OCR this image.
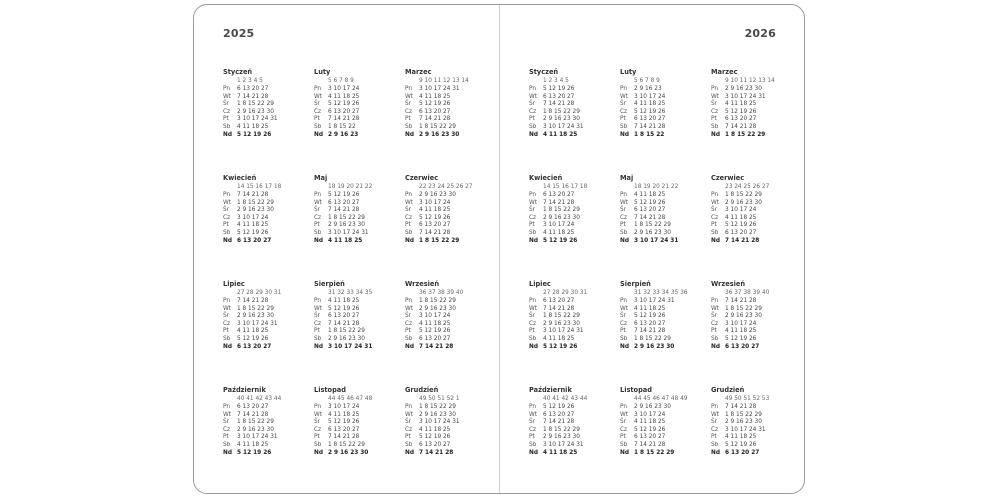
2025
Styczeń
1 2 3 4 5
Pn 6 13 20 27
Wt 7 14 21 28
Śr 1 8 15 22 29
Cz 2 9 16 23 30
Pt 3 10 17 24 31
Sb 4 11 18 25
Nd 5 12 19 26
Luty
5 6 7 8 9
Pn 3 10 17 24
Wt 4 11 18 25
Śr 5 12 19 26
Cz 6 13 20 27
Pt 7 14 21 28
Sb 1 8 15 22
Nd 2 9 16 23
Marzec
9 10 11 12 13 14
Pn 3 10 17 24 31
Wt 4 11 18 25
Śr 5 12 19 26
Cz 6 13 20 27
Pt 7 14 21 28
Sb 1 8 15 22 29
Nd 2 9 16 23 30
Kwiecień
14 15 16 17 18
Pn 7 14 21 28
Wt 1 8 15 22 29
Śr 2 9 16 23 30
Cz 3 10 17 24
Pt 4 11 18 25
Sb 5 12 19 26
Nd 6 13 20 27
Maj
18 19 20 21 22
Pn 5 12 19 26
Wt 6 13 20 27
Śr 7 14 21 28
Cz 1 8 15 22 29
Pt 2 9 16 23 30
Sb 3 10 17 24 31
Nd 4 11 18 25
Czerwiec
22 23 24 25 26 27
Pn 2 9 16 23 30
Wt 3 10 17 24
Śr 4 11 18 25
Cz 5 12 19 26
Pt 6 13 20 27
Sb 7 14 21 28
Nd 1 8 15 22 29
Lipiec
27 28 29 30 31
Pn 7 14 21 28
Wt 1 8 15 22 29
Śr 2 9 16 23 30
Cz 3 10 17 24 31
Pt 4 11 18 25
Sb 5 12 19 26
Nd 6 13 20 27
Sierpień
31 32 33 34 35
Pn 4 11 18 25
Wt 5 12 19 26
Śr 6 13 20 27
Cz 7 14 21 28
Pt 1 8 15 22 29
Sb 2 9 16 23 30
Nd 3 10 17 24 31
Wrzesień
36 37 38 39 40
Pn 1 8 15 22 29
Wt 2 9 16 23 30
Śr 3 10 17 24
Cz 4 11 18 25
Pt 5 12 19 26
Sb 6 13 20 27
Nd 7 14 21 28
Październik
40 41 42 43 44
Pn 6 13 20 27
Wt 7 14 21 28
Śr 1 8 15 22 29
Cz 2 9 16 23 30
Pt 3 10 17 24 31
Sb 4 11 18 25
Nd 5 12 19 26
Listopad
44 45 46 47 48
Pn 3 10 17 24
Wt 4 11 18 25
Śr 5 12 19 26
Cz 6 13 20 27
Pt 7 14 21 28
Sb 1 8 15 22 29
Nd 2 9 16 23 30
Grudzień
49 50 51 52 1
Pn 1 8 15 22 29
Wt 2 9 16 23 30
Śr 3 10 17 24 31
Cz 4 11 18 25
Pt 5 12 19 26
Sb 6 13 20 27
Nd 7 14 21 28
2026
Styczeń
1 2 3 4 5
Pn 5 12 19 26
Wt 6 13 20 27
Śr 7 14 21 28
Cz 1 8 15 22 29
Pt 2 9 16 23 30
Sb 3 10 17 24 31
Nd 4 11 18 25
Luty
5 6 7 8 9
Pn 2 9 16 23
Wt 3 10 17 24
Śr 4 11 18 25
Cz 5 12 19 26
Pt 6 13 20 27
Sb 7 14 21 28
Nd 1 8 15 22
Marzec
9 10 11 12 13 14
Pn 2 9 16 23 30
Wt 3 10 17 24 31
Śr 4 11 18 25
Cz 5 12 19 26
Pt 6 13 20 27
Sb 7 14 21 28
Nd 1 8 15 22 29
Kwiecień
14 15 16 17 18
Pn 6 13 20 27
Wt 7 14 21 28
Śr 1 8 15 22 29
Cz 2 9 16 23 30
Pt 3 10 17 24
Sb 4 11 18 25
Nd 5 12 19 26
Maj
18 19 20 21 22
Pn 4 11 18 25
Wt 5 12 19 26
Śr 6 13 20 27
Cz 7 14 21 28
Pt 1 8 15 22 29
Sb 2 9 16 23 30
Nd 3 10 17 24 31
Czerwiec
23 24 25 26 27
Pn 1 8 15 22 29
Wt 2 9 16 23 30
Śr 3 10 17 24
Cz 4 11 18 25
Pt 5 12 19 26
Sb 6 13 20 27
Nd 7 14 21 28
Lipiec
27 28 29 30 31
Pn 6 13 20 27
Wt 7 14 21 28
Śr 1 8 15 22 29
Cz 2 9 16 23 30
Pt 3 10 17 24 31
Sb 4 11 18 25
Nd 5 12 19 26
Sierpień
31 32 33 34 35 36
Pn 3 10 17 24 31
Wt 4 11 18 25
Śr 5 12 19 26
Cz 6 13 20 27
Pt 7 14 21 28
Sb 1 8 15 22 29
Nd 2 9 16 23 30
Wrzesień
36 37 38 39 40
Pn 7 14 21 28
Wt 1 8 15 22 29
Śr 2 9 16 23 30
Cz 3 10 17 24
Pt 4 11 18 25
Sb 5 12 19 26
Nd 6 13 20 27
Październik
40 41 42 43 44
Pn 5 12 19 26
Wt 6 13 20 27
Śr 7 14 21 28
Cz 1 8 15 22 29
Pt 2 9 16 23 30
Sb 3 10 17 24 31
Nd 4 11 18 25
Listopad
44 45 46 47 48 49
Pn 2 9 16 23 30
Wt 3 10 17 24
Śr 4 11 18 25
Cz 5 12 19 26
Pt 6 13 20 27
Sb 7 14 21 28
Nd 1 8 15 22 29
Grudzień
49 50 51 52 53
Pn 7 14 21 28
Wt 1 8 15 22 29
Śr 2 9 16 23 30
Cz 3 10 17 24 31
Pt 4 11 18 25
Sb 5 12 19 26
Nd 6 13 20 27
